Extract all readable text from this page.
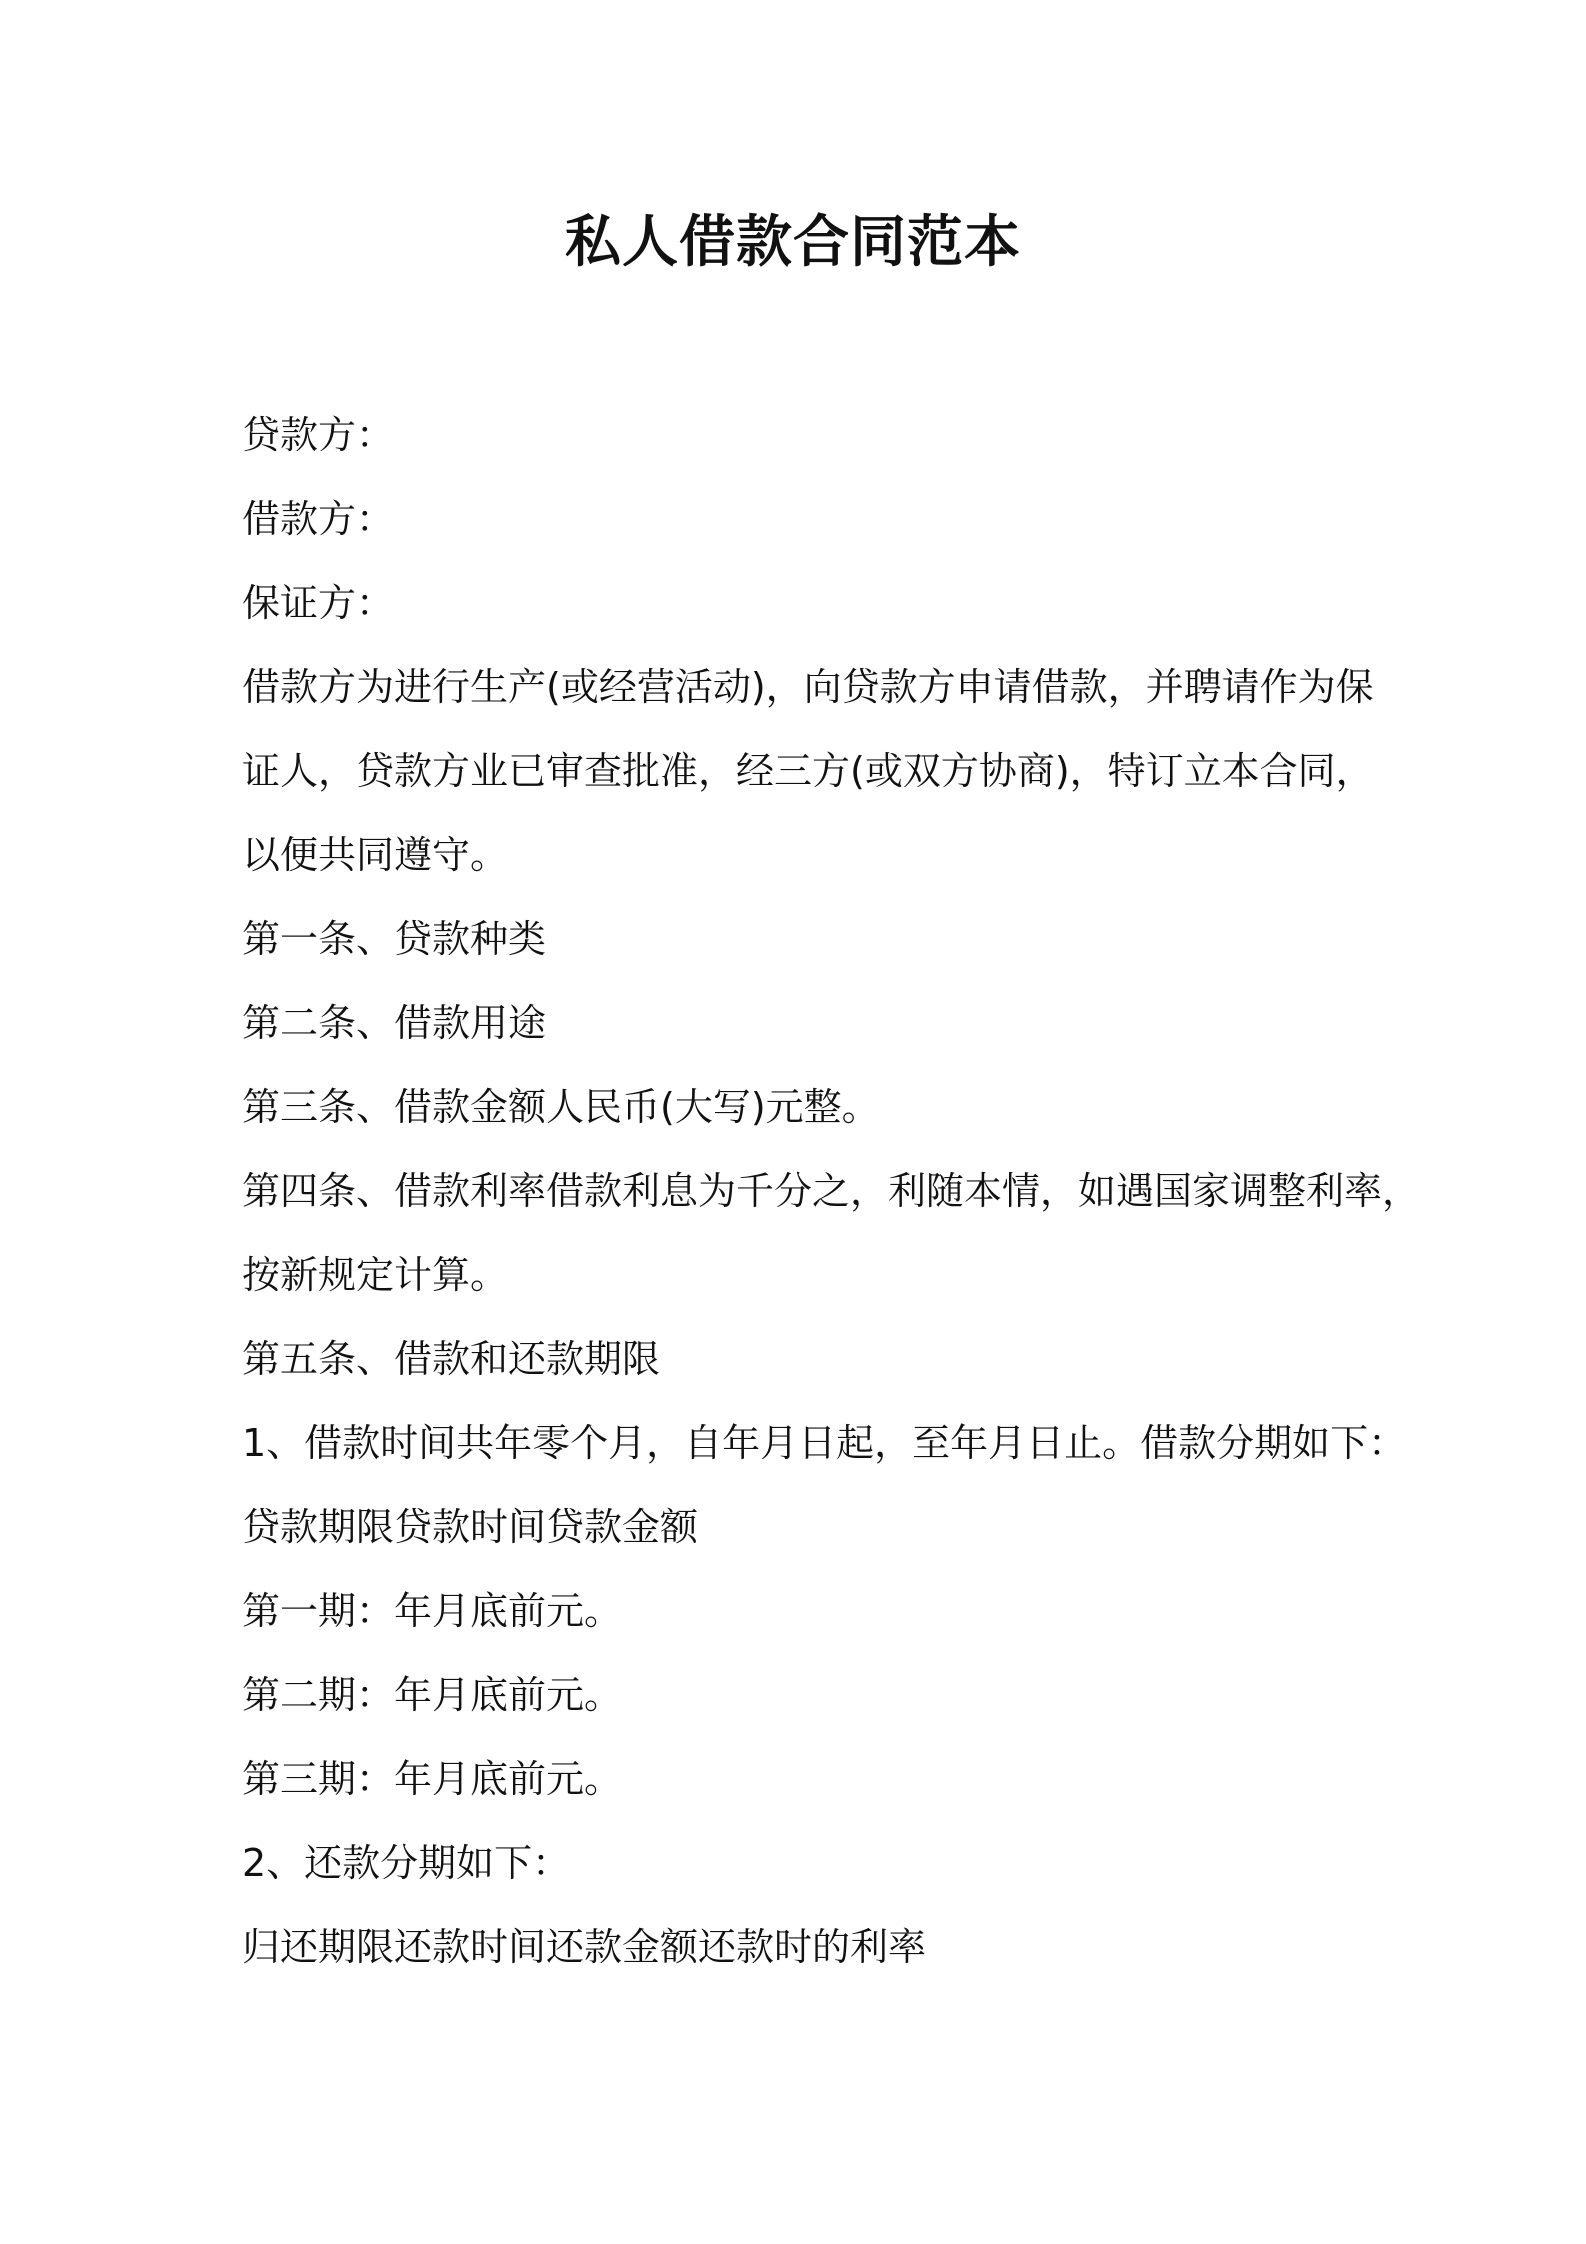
私人借款合同范本
贷款方：
借款方：
保证方：
借款方为进行生产(或经营活动)，向贷款方申请借款，并聘请作为保
证人，贷款方业已审查批准，经三方(或双方协商)，特订立本合同，
以便共同遵守。
第一条、贷款种类
第二条、借款用途
第三条、借款金额人民币(大写)元整。
第四条、借款利率借款利息为千分之，利随本情，如遇国家调整利率，
按新规定计算。
第五条、借款和还款期限
1、借款时间共年零个月，自年月日起，至年月日止。借款分期如下：
贷款期限贷款时间贷款金额
第一期：年月底前元。
第二期：年月底前元。
第三期：年月底前元。
2、还款分期如下：
归还期限还款时间还款金额还款时的利率
